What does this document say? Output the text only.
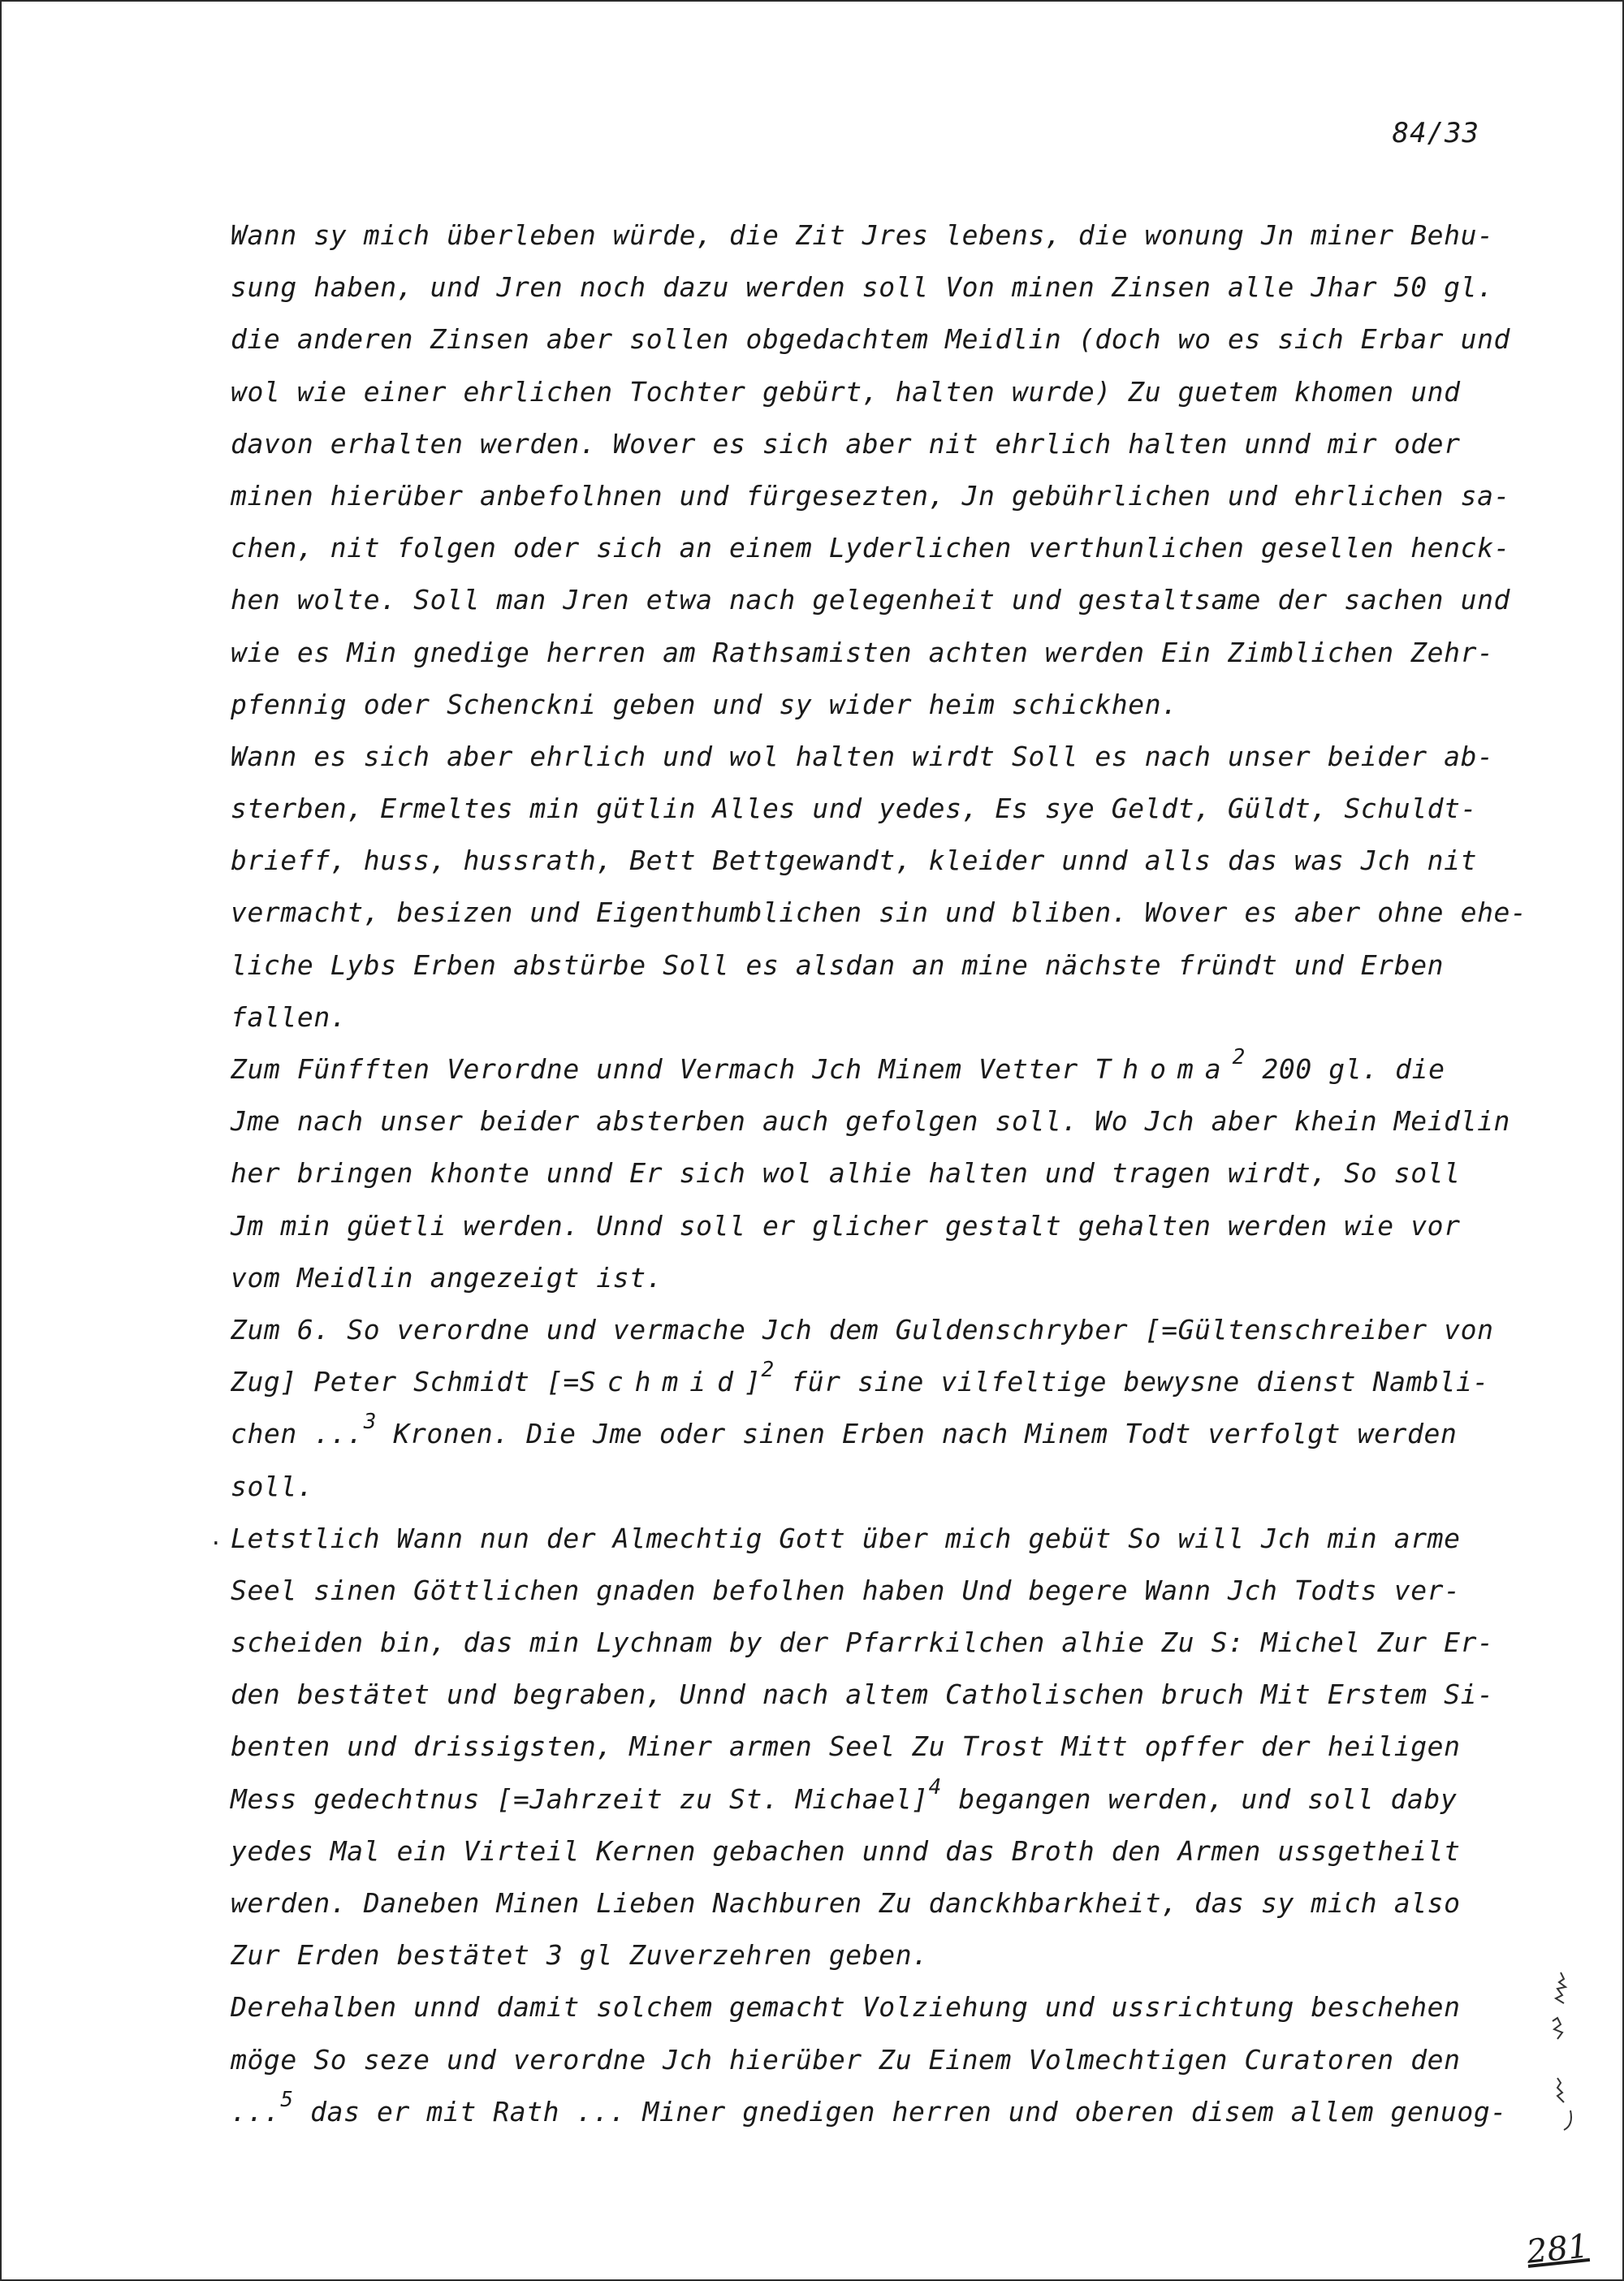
84/33
Wann sy mich überleben würde, die Zit Jres lebens, die wonung Jn miner Behu-
sung haben, und Jren noch dazu werden soll Von minen Zinsen alle Jhar 50 gl.
die anderen Zinsen aber sollen obgedachtem Meidlin (doch wo es sich Erbar und
wol wie einer ehrlichen Tochter gebürt, halten wurde) Zu guetem khomen und
davon erhalten werden. Wover es sich aber nit ehrlich halten unnd mir oder
minen hierüber anbefolhnen und fürgesezten, Jn gebührlichen und ehrlichen sa-
chen, nit folgen oder sich an einem Lyderlichen verthunlichen gesellen henck-
hen wolte. Soll man Jren etwa nach gelegenheit und gestaltsame der sachen und
wie es Min gnedige herren am Rathsamisten achten werden Ein Zimblichen Zehr-
pfennig oder Schenckni geben und sy wider heim schickhen.
Wann es sich aber ehrlich und wol halten wirdt Soll es nach unser beider ab-
sterben, Ermeltes min gütlin Alles und yedes, Es sye Geldt, Güldt, Schuldt-
brieff, huss, hussrath, Bett Bettgewandt, kleider unnd alls das was Jch nit
vermacht, besizen und Eigenthumblichen sin und bliben. Wover es aber ohne ehe-
liche Lybs Erben abstürbe Soll es alsdan an mine nächste fründt und Erben
fallen.
Zum Fünfften Verordne unnd Vermach Jch Minem Vetter Thoma$^2$ 200 gl. die
Jme nach unser beider absterben auch gefolgen soll. Wo Jch aber khein Meidlin
her bringen khonte unnd Er sich wol alhie halten und tragen wirdt, So soll
Jm min güetli werden. Unnd soll er glicher gestalt gehalten werden wie vor
vom Meidlin angezeigt ist.
Zum 6. So verordne und vermache Jch dem Guldenschryber [=Gültenschreiber von
Zug] Peter Schmidt [=Schmid]$^2$ für sine vilfeltige bewysne dienst Nambli-
chen ...$^3$ Kronen. Die Jme oder sinen Erben nach Minem Todt verfolgt werden
soll.
Letstlich Wann nun der Almechtig Gott über mich gebüt So will Jch min arme
Seel sinen Göttlichen gnaden befolhen haben Und begere Wann Jch Todts ver-
scheiden bin, das min Lychnam by der Pfarrkilchen alhie Zu S: Michel Zur Er-
den bestätet und begraben, Unnd nach altem Catholischen bruch Mit Erstem Si-
benten und drissigsten, Miner armen Seel Zu Trost Mitt opffer der heiligen
Mess gedechtnus [=Jahrzeit zu St. Michael]$^4$ begangen werden, und soll daby
yedes Mal ein Virteil Kernen gebachen unnd das Broth den Armen ussgetheilt
werden. Daneben Minen Lieben Nachburen Zu danckhbarkheit, das sy mich also
Zur Erden bestätet 3 gl Zuverzehren geben.
Derehalben unnd damit solchem gemacht Volziehung und ussrichtung beschehen
möge So seze und verordne Jch hierüber Zu Einem Volmechtigen Curatoren den
...$^5$ das er mit Rath ... Miner gnedigen herren und oberen disem allem genuog-
·
281
